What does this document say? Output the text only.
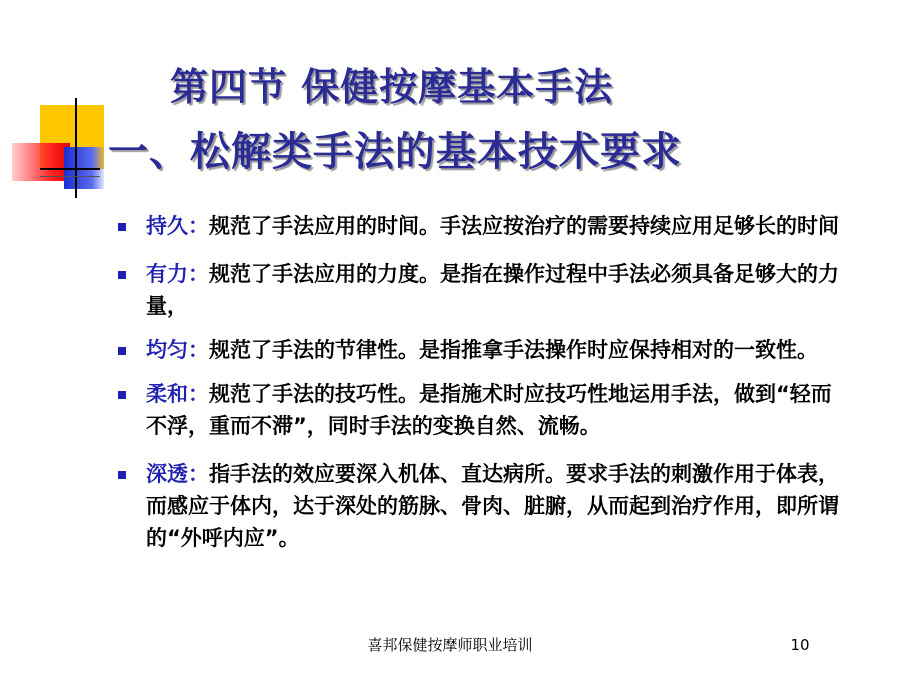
第四节 保健按摩基本手法
一、松解类手法的基本技术要求
持久：规范了手法应用的时间。手法应按治疗的需要持续应用足够长的时间
有力：规范了手法应用的力度。是指在操作过程中手法必须具备足够大的力量，
均匀：规范了手法的节律性。是指推拿手法操作时应保持相对的一致性。
柔和：规范了手法的技巧性。是指施术时应技巧性地运用手法，做到“轻而不浮，重而不滞”，同时手法的变换自然、流畅。
深透：指手法的效应要深入机体、直达病所。要求手法的刺激作用于体表，而感应于体内，达于深处的筋脉、骨肉、脏腑，从而起到治疗作用，即所谓的“外呼内应”。
喜邦保健按摩师职业培训	10
